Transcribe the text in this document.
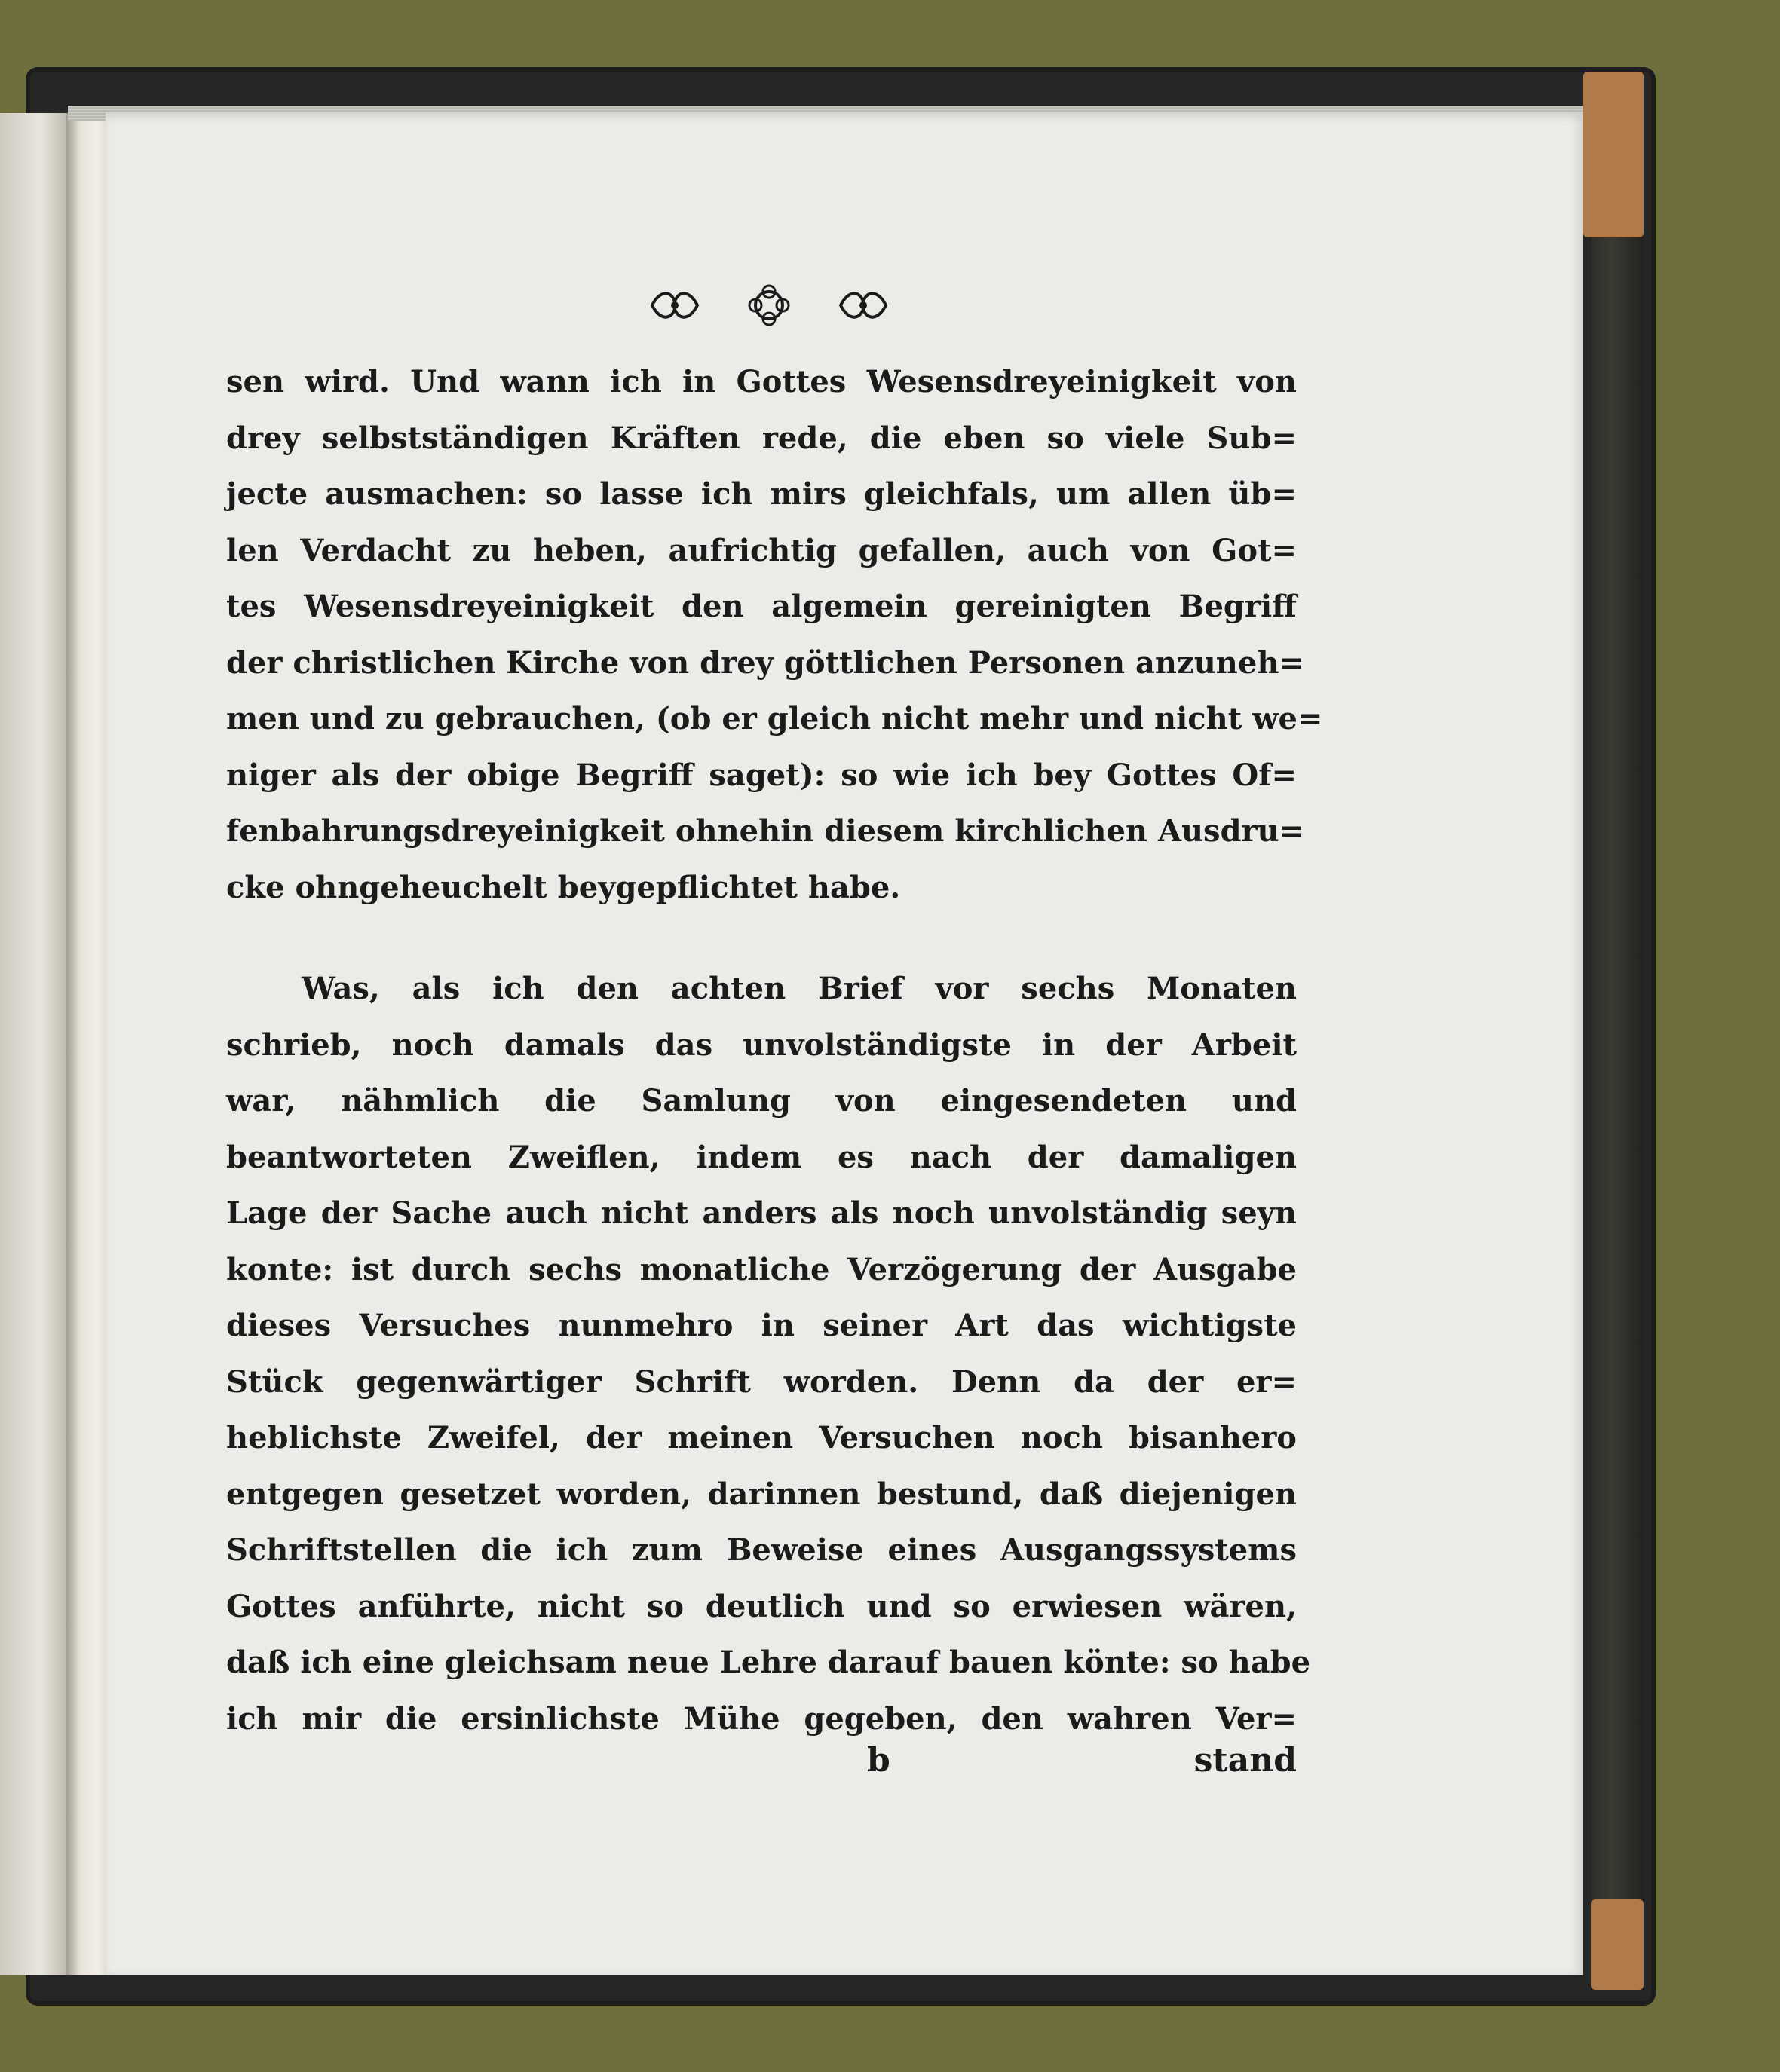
sen wird. Und wann ich in Gottes Wesensdreyeinigkeit von
drey selbstständigen Kräften rede, die eben so viele Sub=
jecte ausmachen: so lasse ich mirs gleichfals, um allen üb=
len Verdacht zu heben, aufrichtig gefallen, auch von Got=
tes Wesensdreyeinigkeit den algemein gereinigten Begriff
der christlichen Kirche von drey göttlichen Personen anzuneh=
men und zu gebrauchen, (ob er gleich nicht mehr und nicht we=
niger als der obige Begriff saget): so wie ich bey Gottes Of=
fenbahrungsdreyeinigkeit ohnehin diesem kirchlichen Ausdru=
cke ohngeheuchelt beygepflichtet habe.
Was, als ich den achten Brief vor sechs Monaten
schrieb, noch damals das unvolständigste in der Arbeit
war, nähmlich die Samlung von eingesendeten und
beantworteten Zweiflen, indem es nach der damaligen
Lage der Sache auch nicht anders als noch unvolständig seyn
konte: ist durch sechs monatliche Verzögerung der Ausgabe
dieses Versuches nunmehro in seiner Art das wichtigste
Stück gegenwärtiger Schrift worden. Denn da der er=
heblichste Zweifel, der meinen Versuchen noch bisanhero
entgegen gesetzet worden, darinnen bestund, daß diejenigen
Schriftstellen die ich zum Beweise eines Ausgangssystems
Gottes anführte, nicht so deutlich und so erwiesen wären,
daß ich eine gleichsam neue Lehre darauf bauen könte: so habe
ich mir die ersinlichste Mühe gegeben, den wahren Ver=
b	stand
